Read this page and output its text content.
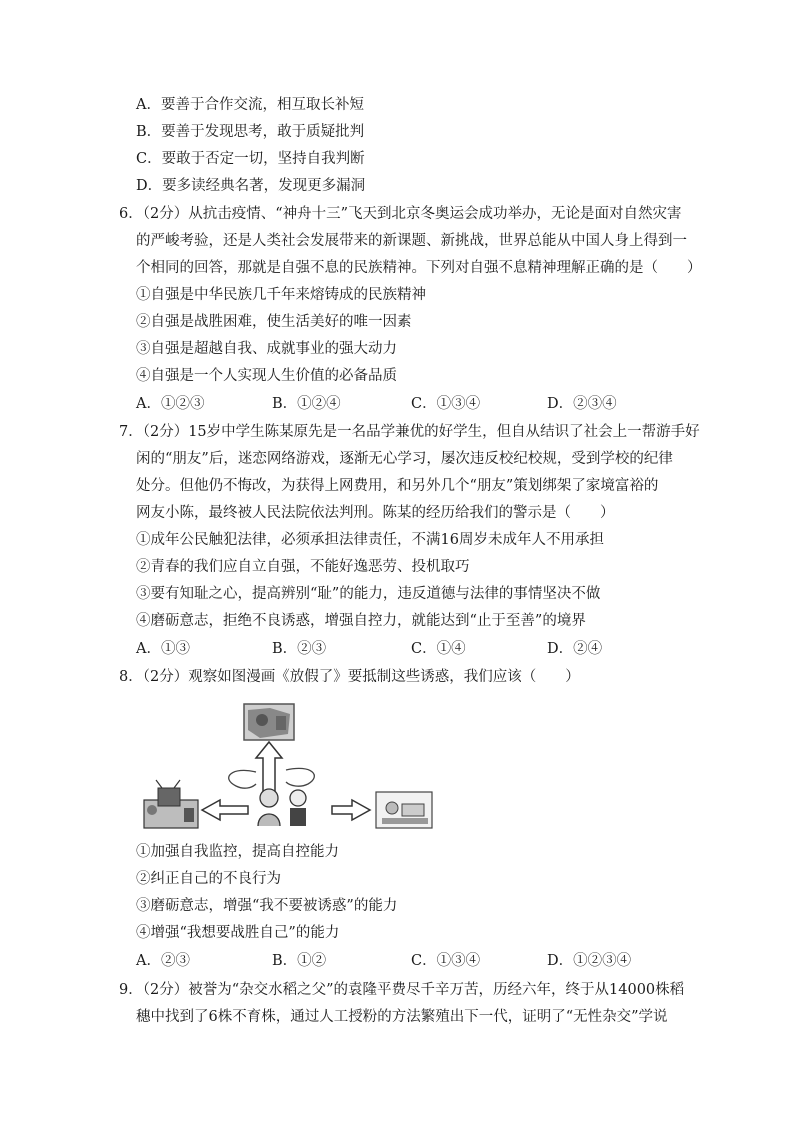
A．要善于合作交流，相互取长补短
B．要善于发现思考，敢于质疑批判
C．要敢于否定一切，坚持自我判断
D．要多读经典名著，发现更多漏洞
6．（2分）从抗击疫情、“神舟十三”飞天到北京冬奥运会成功举办，无论是面对自然灾害
的严峻考验，还是人类社会发展带来的新课题、新挑战，世界总能从中国人身上得到一
个相同的回答，那就是自强不息的民族精神。下列对自强不息精神理解正确的是（　　）
①自强是中华民族几千年来熔铸成的民族精神
②自强是战胜困难，使生活美好的唯一因素
③自强是超越自我、成就事业的强大动力
④自强是一个人实现人生价值的必备品质
A．①②③	B．①②④	C．①③④	D．②③④
7．（2分）15岁中学生陈某原先是一名品学兼优的好学生，但自从结识了社会上一帮游手好
闲的“朋友”后，迷恋网络游戏，逐渐无心学习，屡次违反校纪校规，受到学校的纪律
处分。但他仍不悔改，为获得上网费用，和另外几个“朋友”策划绑架了家境富裕的
网友小陈，最终被人民法院依法判刑。陈某的经历给我们的警示是（　　）
①成年公民触犯法律，必须承担法律责任，不满16周岁未成年人不用承担
②青春的我们应自立自强，不能好逸恶劳、投机取巧
③要有知耻之心，提高辨别“耻”的能力，违反道德与法律的事情坚决不做
④磨砺意志，拒绝不良诱惑，增强自控力，就能达到“止于至善”的境界
A．①③	B．②③	C．①④	D．②④
8．（2分）观察如图漫画《放假了》要抵制这些诱惑，我们应该（　　）
①加强自我监控，提高自控能力
②纠正自己的不良行为
③磨砺意志，增强“我不要被诱惑”的能力
④增强“我想要战胜自己”的能力
A．②③	B．①②	C．①③④	D．①②③④
9．（2分）被誉为“杂交水稻之父”的袁隆平费尽千辛万苦，历经六年，终于从14000株稻
穗中找到了6株不育株，通过人工授粉的方法繁殖出下一代，证明了“无性杂交”学说
